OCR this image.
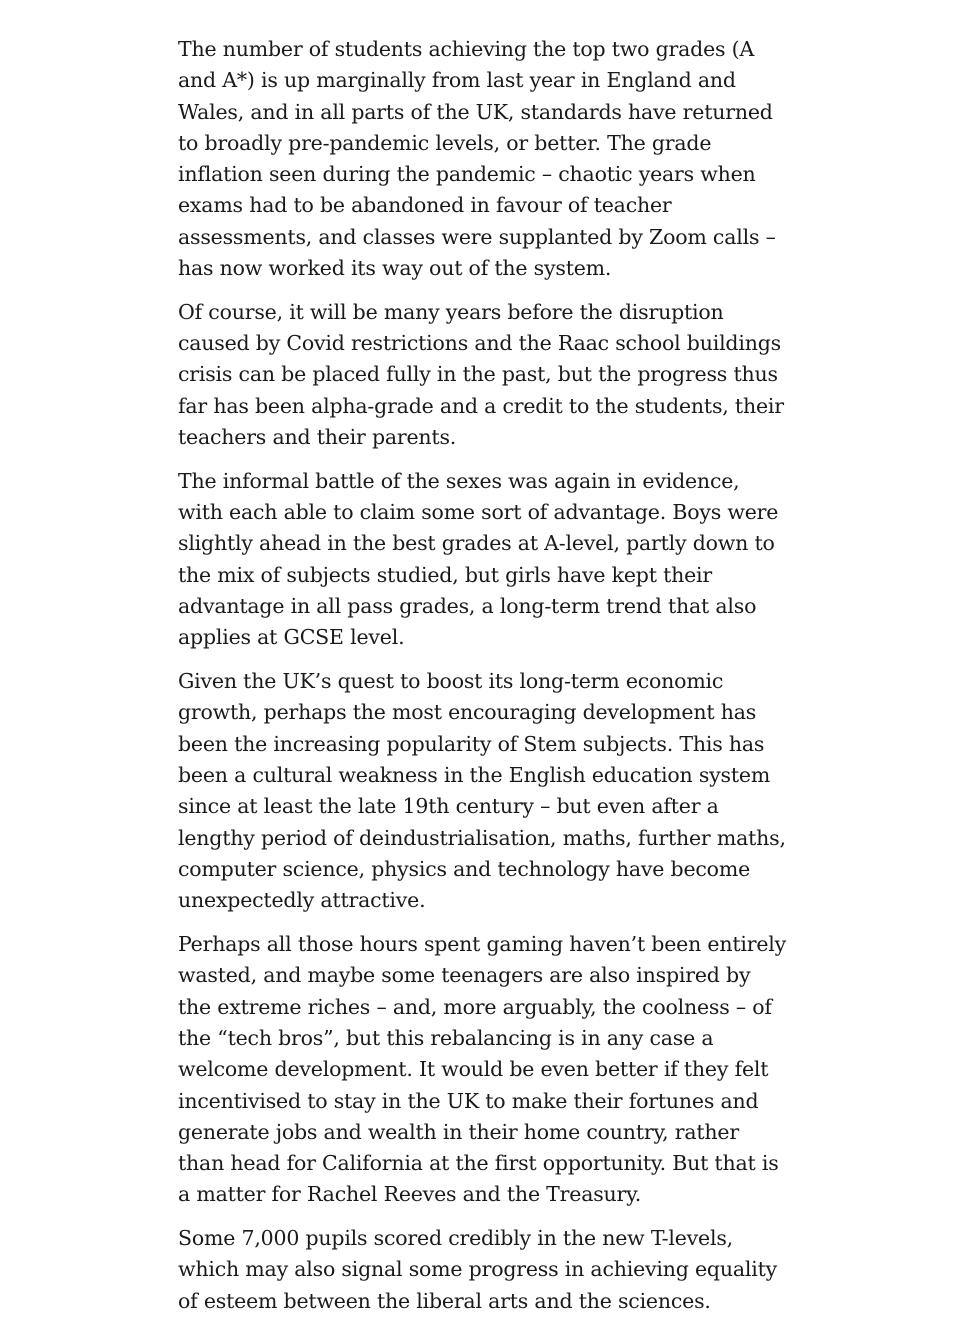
The number of students achieving the top two grades (A and A*) is up marginally from last year in England and Wales, and in all parts of the UK, standards have returned to broadly pre-pandemic levels, or better. The grade inflation seen during the pandemic – chaotic years when exams had to be abandoned in favour of teacher assessments, and classes were supplanted by Zoom calls – has now worked its way out of the system.

Of course, it will be many years before the disruption caused by Covid restrictions and the Raac school buildings crisis can be placed fully in the past, but the progress thus far has been alpha-grade and a credit to the students, their teachers and their parents.

The informal battle of the sexes was again in evidence, with each able to claim some sort of advantage. Boys were slightly ahead in the best grades at A-level, partly down to the mix of subjects studied, but girls have kept their advantage in all pass grades, a long-term trend that also applies at GCSE level.

Given the UK’s quest to boost its long-term economic growth, perhaps the most encouraging development has been the increasing popularity of Stem subjects. This has been a cultural weakness in the English education system since at least the late 19th century – but even after a lengthy period of deindustrialisation, maths, further maths, computer science, physics and technology have become unexpectedly attractive.

Perhaps all those hours spent gaming haven’t been entirely wasted, and maybe some teenagers are also inspired by the extreme riches – and, more arguably, the coolness – of the “tech bros”, but this rebalancing is in any case a welcome development. It would be even better if they felt incentivised to stay in the UK to make their fortunes and generate jobs and wealth in their home country, rather than head for California at the first opportunity. But that is a matter for Rachel Reeves and the Treasury.

Some 7,000 pupils scored credibly in the new T-levels, which may also signal some progress in achieving equality of esteem between the liberal arts and the sciences.
